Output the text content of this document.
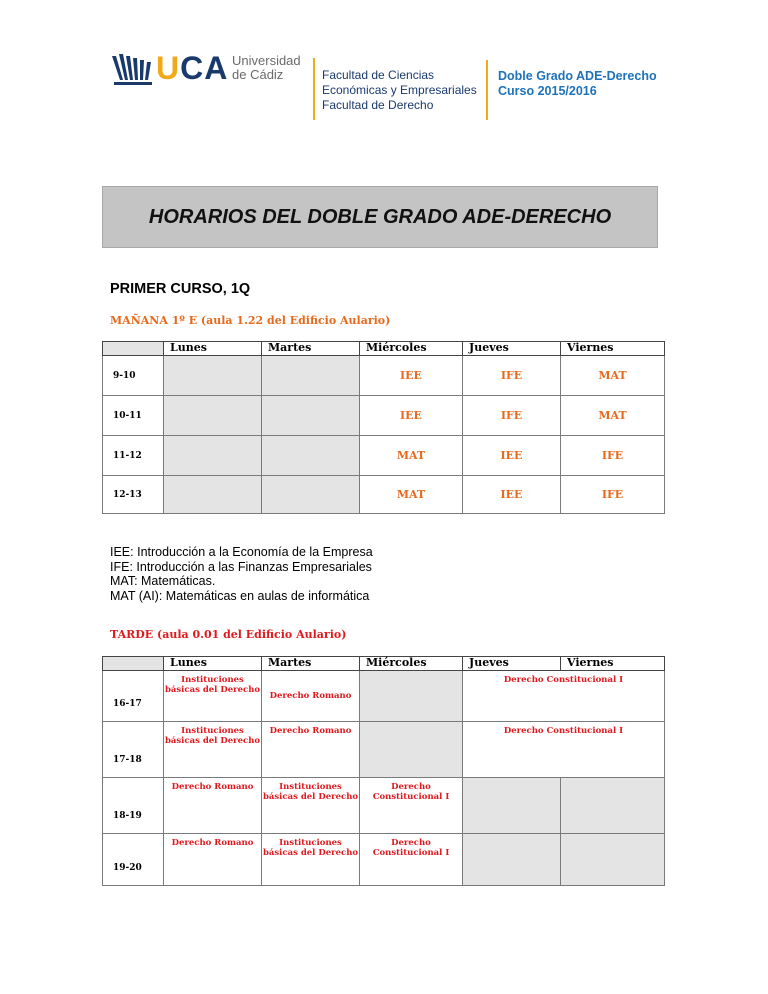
UCA Universidad
de Cádiz	Facultad de Ciencias
Económicas y Empresariales
Facultad de Derecho
Doble Grado ADE-Derecho
Curso 2015/2016
HORARIOS DEL DOBLE GRADO ADE-DERECHO
PRIMER CURSO, 1Q
MAÑANA 1º E (aula 1.22 del Edificio Aulario)
	Lunes	Martes	Miércoles	Jueves	Viernes
9-10			IEE	IFE	MAT
10-11			IEE	IFE	MAT
11-12			MAT	IEE	IFE
12-13			MAT	IEE	IFE
IEE: Introducción a la Economía de la Empresa
IFE: Introducción a las Finanzas Empresariales
MAT: Matemáticas.
MAT (AI): Matemáticas en aulas de informática
TARDE (aula 0.01 del Edificio Aulario)
	Lunes	Martes	Miércoles	Jueves	Viernes
16-17	Instituciones básicas del Derecho	Derecho Romano		Derecho Constitucional I	
17-18	Instituciones básicas del Derecho	Derecho Romano		Derecho Constitucional I	
18-19	Derecho Romano	Instituciones básicas del Derecho	Derecho Constitucional I		
19-20	Derecho Romano	Instituciones básicas del Derecho	Derecho Constitucional I		
